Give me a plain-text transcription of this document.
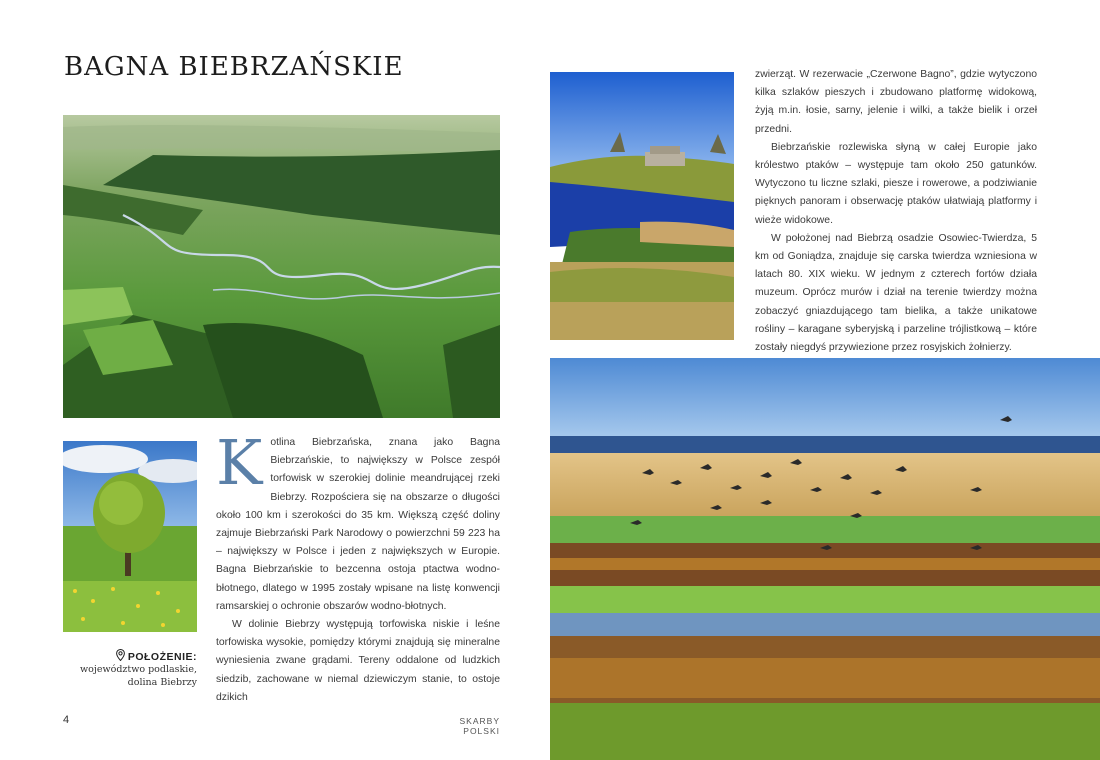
BAGNA BIEBRZAŃSKIE
POŁOŻENIE:
województwo podlaskie,
dolina Biebrzy

Kotlina Biebrzańska, znana jako Bagna Biebrzańskie, to największy w Polsce zespół torfowisk w szerokiej dolinie meandrującej rzeki Biebrzy. Rozpościera się na obszarze o długości około 100 km i szerokości do 35 km. Większą część doliny zajmuje Biebrzański Park Narodowy o powierzchni 59 223 ha – największy w Polsce i jeden z największych w Europie. Bagna Biebrzańskie to bezcenna ostoja ptactwa wodno-błotnego, dlatego w 1995 zostały wpisane na listę konwencji ramsarskiej o ochronie obszarów wodno-błotnych.

W dolinie Biebrzy występują torfowiska niskie i leśne torfowiska wysokie, pomiędzy którymi znajdują się mineralne wyniesienia zwane grądami. Tereny oddalone od ludzkich siedzib, zachowane w niemal dziewiczym stanie, to ostoje dzikich

4	SKARBY POLSKI

zwierząt. W rezerwacie „Czerwone Bagno”, gdzie wytyczono kilka szlaków pieszych i zbudowano platformę widokową, żyją m.in. łosie, sarny, jelenie i wilki, a także bielik i orzeł przedni.

Biebrzańskie rozlewiska słyną w całej Europie jako królestwo ptaków – występuje tam około 250 gatunków. Wytyczono tu liczne szlaki, piesze i rowerowe, a podziwianie pięknych panoram i obserwację ptaków ułatwiają platformy i wieże widokowe.

W położonej nad Biebrzą osadzie Osowiec-Twierdza, 5 km od Goniądza, znajduje się carska twierdza wzniesiona w latach 80. XIX wieku. W jednym z czterech fortów działa muzeum. Oprócz murów i dział na terenie twierdzy można zobaczyć gniazdującego tam bielika, a także unikatowe rośliny – karagane syberyjską i parzeline trójlistkową – które zostały niegdyś przywiezione przez rosyjskich żołnierzy.
